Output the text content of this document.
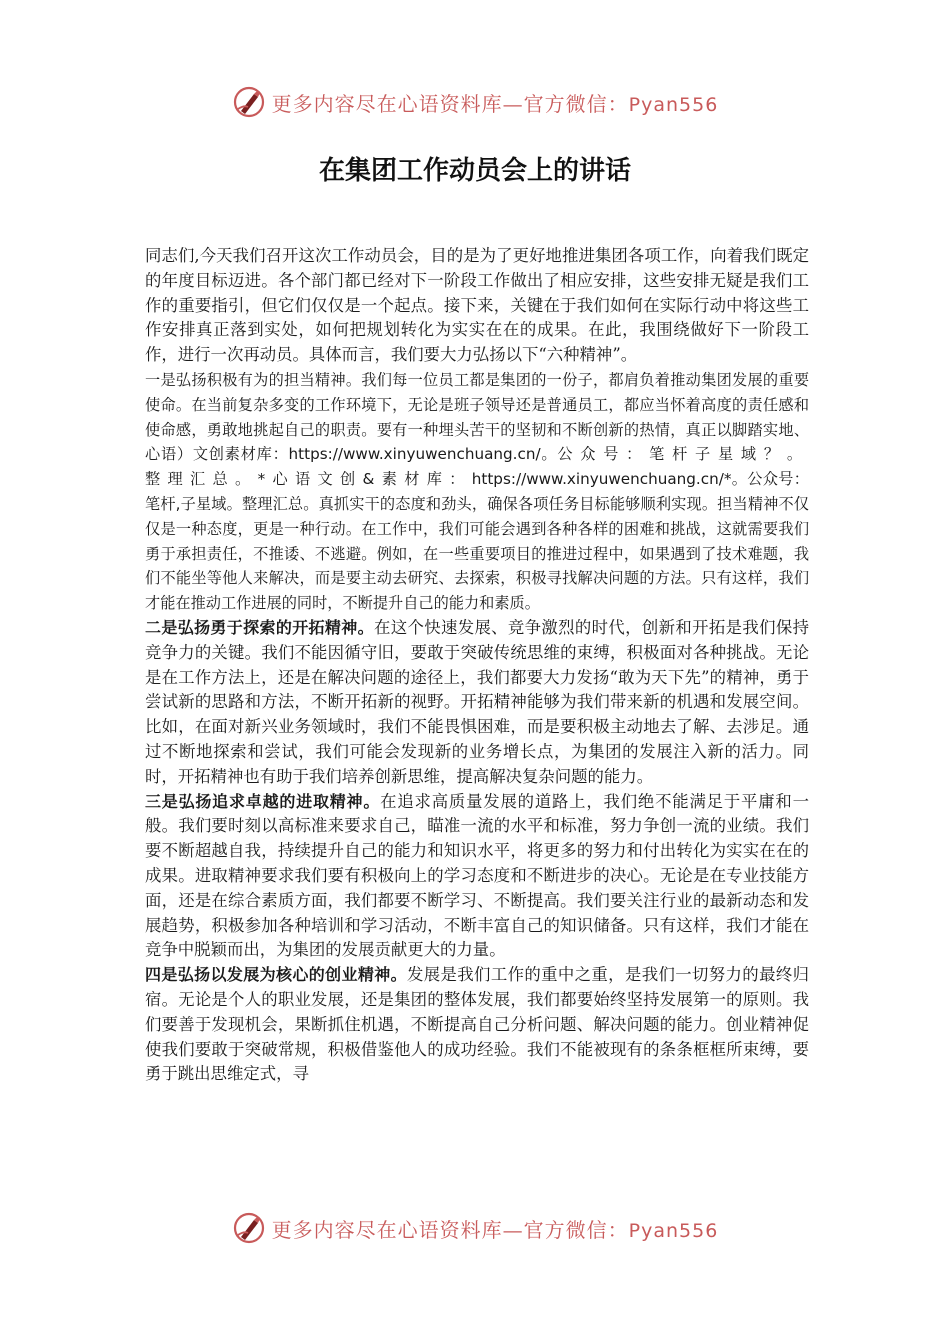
更多内容尽在心语资料库—官方微信：Pyan556
在集团工作动员会上的讲话

同志们,今天我们召开这次工作动员会，目的是为了更好地推进集团各项工作，向着我们既定的年度目标迈进。各个部门都已经对下一阶段工作做出了相应安排，这些安排无疑是我们工作的重要指引，但它们仅仅是一个起点。接下来，关键在于我们如何在实际行动中将这些工作安排真正落到实处，如何把规划转化为实实在在的成果。在此，我围绕做好下一阶段工作，进行一次再动员。具体而言，我们要大力弘扬以下“六种精神”。

一是弘扬积极有为的担当精神。我们每一位员工都是集团的一份子，都肩负着推动集团发展的重要使命。在当前复杂多变的工作环境下，无论是班子领导还是普通员工，都应当怀着高度的责任感和使命感，勇敢地挑起自己的职责。要有一种埋头苦干的坚韧和不断创新的热情，真正以脚踏实地、心语）文创素材库：https://www.xinyuwenchuang.cn/。公众号：笔杆子星域？。整理汇总。*心语文创&素材库：https://www.xinyuwenchuang.cn/*。公众号：笔杆,子星域。整理汇总。真抓实干的态度和劲头，确保各项任务目标能够顺利实现。担当精神不仅仅是一种态度，更是一种行动。在工作中，我们可能会遇到各种各样的困难和挑战，这就需要我们勇于承担责任，不推诿、不逃避。例如，在一些重要项目的推进过程中，如果遇到了技术难题，我们不能坐等他人来解决，而是要主动去研究、去探索，积极寻找解决问题的方法。只有这样，我们才能在推动工作进展的同时，不断提升自己的能力和素质。

二是弘扬勇于探索的开拓精神。在这个快速发展、竞争激烈的时代，创新和开拓是我们保持竞争力的关键。我们不能因循守旧，要敢于突破传统思维的束缚，积极面对各种挑战。无论是在工作方法上，还是在解决问题的途径上，我们都要大力发扬“敢为天下先”的精神，勇于尝试新的思路和方法，不断开拓新的视野。开拓精神能够为我们带来新的机遇和发展空间。比如，在面对新兴业务领域时，我们不能畏惧困难，而是要积极主动地去了解、去涉足。通过不断地探索和尝试，我们可能会发现新的业务增长点，为集团的发展注入新的活力。同时，开拓精神也有助于我们培养创新思维，提高解决复杂问题的能力。

三是弘扬追求卓越的进取精神。在追求高质量发展的道路上，我们绝不能满足于平庸和一般。我们要时刻以高标准来要求自己，瞄准一流的水平和标准，努力争创一流的业绩。我们要不断超越自我，持续提升自己的能力和知识水平，将更多的努力和付出转化为实实在在的成果。进取精神要求我们要有积极向上的学习态度和不断进步的决心。无论是在专业技能方面，还是在综合素质方面，我们都要不断学习、不断提高。我们要关注行业的最新动态和发展趋势，积极参加各种培训和学习活动，不断丰富自己的知识储备。只有这样，我们才能在竞争中脱颖而出，为集团的发展贡献更大的力量。

四是弘扬以发展为核心的创业精神。发展是我们工作的重中之重，是我们一切努力的最终归宿。无论是个人的职业发展，还是集团的整体发展，我们都要始终坚持发展第一的原则。我们要善于发现机会，果断抓住机遇，不断提高自己分析问题、解决问题的能力。创业精神促使我们要敢于突破常规，积极借鉴他人的成功经验。我们不能被现有的条条框框所束缚，要勇于跳出思维定式，寻

更多内容尽在心语资料库—官方微信：Pyan556
